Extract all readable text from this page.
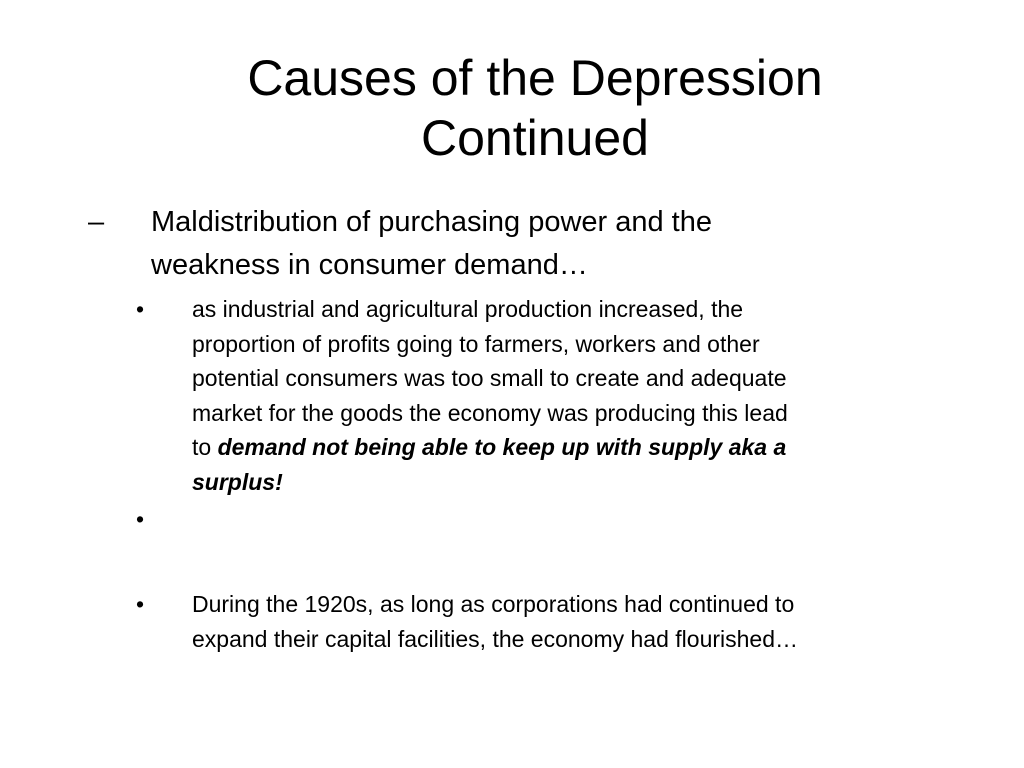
Causes of the Depression
Continued
– Maldistribution of purchasing power and the
weakness in consumer demand…
• as industrial and agricultural production increased, the
proportion of profits going to farmers, workers and other
potential consumers was too small to create and adequate
market for the goods the economy was producing this lead
to demand not being able to keep up with supply aka a
surplus!
•
• During the 1920s, as long as corporations had continued to
expand their capital facilities, the economy had flourished…
